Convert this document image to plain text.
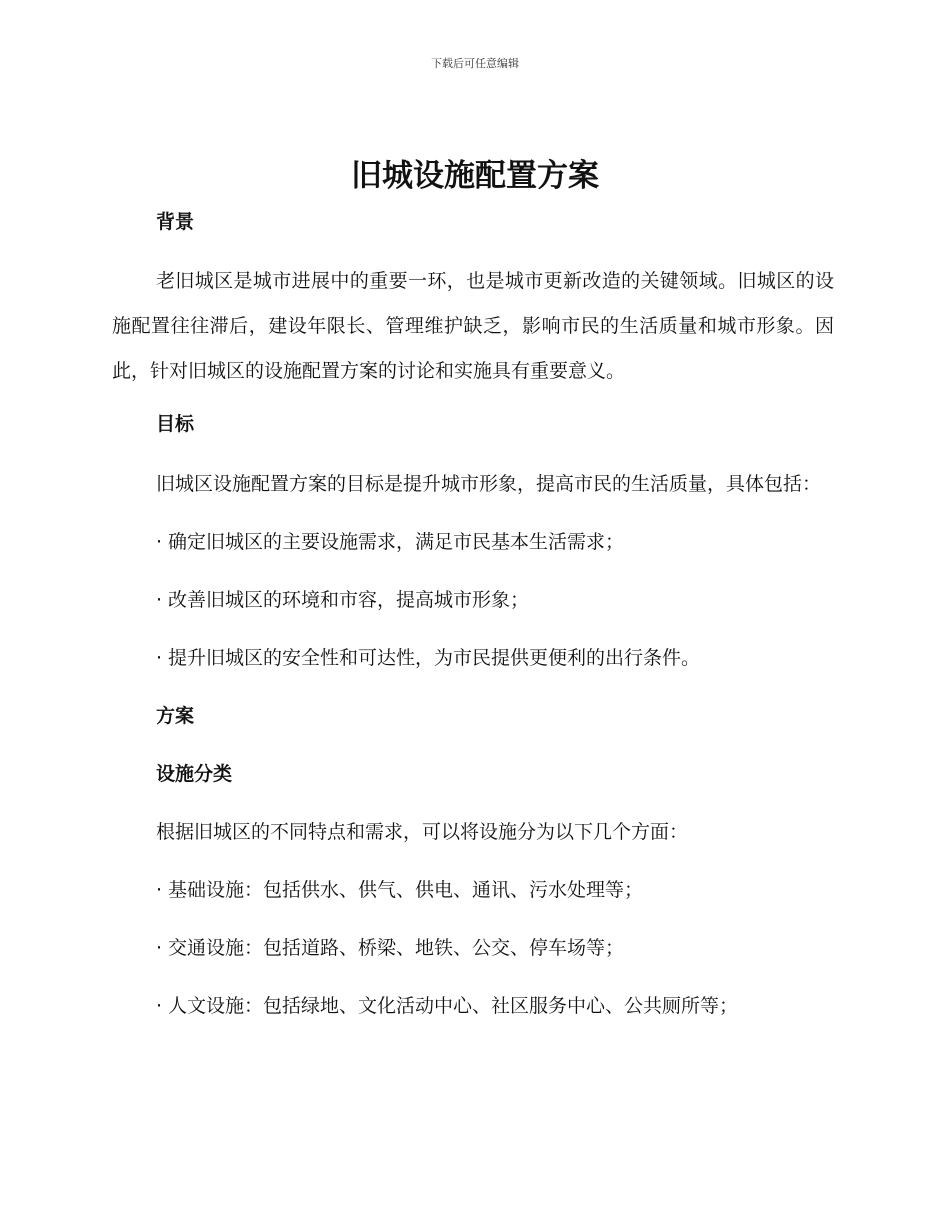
下载后可任意编辑
旧城设施配置方案
背景

老旧城区是城市进展中的重要一环，也是城市更新改造的关键领域。旧城区的设施配置往往滞后，建设年限长、管理维护缺乏，影响市民的生活质量和城市形象。因此，针对旧城区的设施配置方案的讨论和实施具有重要意义。

目标

旧城区设施配置方案的目标是提升城市形象，提高市民的生活质量，具体包括：

· 确定旧城区的主要设施需求，满足市民基本生活需求；
· 改善旧城区的环境和市容，提高城市形象；
· 提升旧城区的安全性和可达性，为市民提供更便利的出行条件。
方案
设施分类
根据旧城区的不同特点和需求，可以将设施分为以下几个方面：
· 基础设施：包括供水、供气、供电、通讯、污水处理等；
· 交通设施：包括道路、桥梁、地铁、公交、停车场等；
· 人文设施：包括绿地、文化活动中心、社区服务中心、公共厕所等；
